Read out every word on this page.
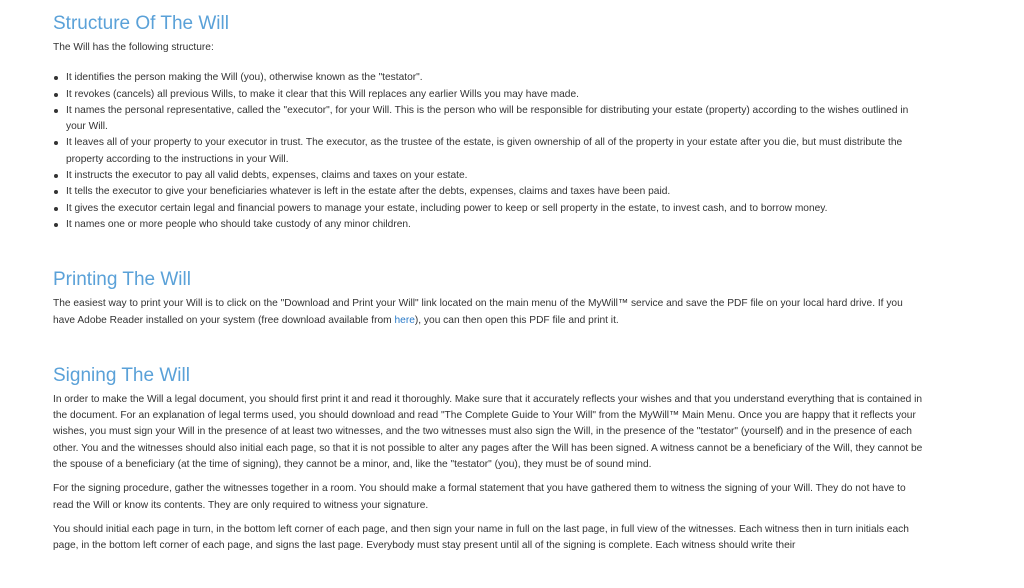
Structure Of The Will

The Will has the following structure:

It identifies the person making the Will (you), otherwise known as the "testator".
It revokes (cancels) all previous Wills, to make it clear that this Will replaces any earlier Wills you may have made.
It names the personal representative, called the "executor", for your Will. This is the person who will be responsible for distributing your estate (property) according to the wishes outlined in your Will.
It leaves all of your property to your executor in trust. The executor, as the trustee of the estate, is given ownership of all of the property in your estate after you die, but must distribute the property according to the instructions in your Will.
It instructs the executor to pay all valid debts, expenses, claims and taxes on your estate.
It tells the executor to give your beneficiaries whatever is left in the estate after the debts, expenses, claims and taxes have been paid.
It gives the executor certain legal and financial powers to manage your estate, including power to keep or sell property in the estate, to invest cash, and to borrow money.
It names one or more people who should take custody of any minor children.
Printing The Will

The easiest way to print your Will is to click on the "Download and Print your Will" link located on the main menu of the MyWill™ service and save the PDF file on your local hard drive. If you have Adobe Reader installed on your system (free download available from here), you can then open this PDF file and print it.

Signing The Will

In order to make the Will a legal document, you should first print it and read it thoroughly. Make sure that it accurately reflects your wishes and that you understand everything that is contained in the document. For an explanation of legal terms used, you should download and read "The Complete Guide to Your Will" from the MyWill™ Main Menu. Once you are happy that it reflects your wishes, you must sign your Will in the presence of at least two witnesses, and the two witnesses must also sign the Will, in the presence of the "testator" (yourself) and in the presence of each other. You and the witnesses should also initial each page, so that it is not possible to alter any pages after the Will has been signed. A witness cannot be a beneficiary of the Will, they cannot be the spouse of a beneficiary (at the time of signing), they cannot be a minor, and, like the "testator" (you), they must be of sound mind.

For the signing procedure, gather the witnesses together in a room. You should make a formal statement that you have gathered them to witness the signing of your Will. They do not have to read the Will or know its contents. They are only required to witness your signature.

You should initial each page in turn, in the bottom left corner of each page, and then sign your name in full on the last page, in full view of the witnesses. Each witness then in turn initials each page, in the bottom left corner of each page, and signs the last page. Everybody must stay present until all of the signing is complete. Each witness should write their
